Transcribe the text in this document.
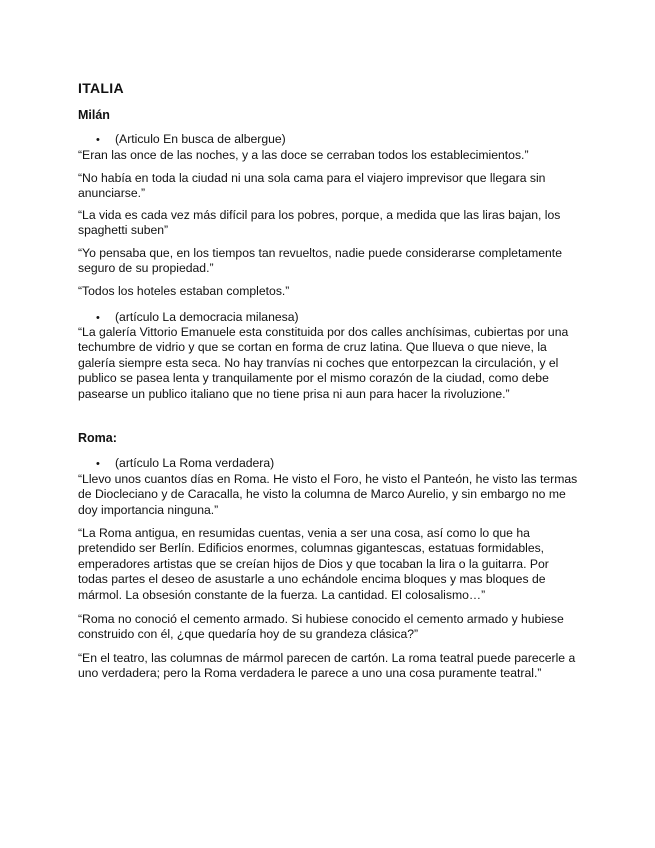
ITALIA
Milán

• (Articulo En busca de albergue)

“Eran las once de las noches, y a las doce se cerraban todos los establecimientos.”

“No había en toda la ciudad ni una sola cama para el viajero imprevisor que llegara sin anunciarse.”

“La vida es cada vez más difícil para los pobres, porque, a medida que las liras bajan, los spaghetti suben”

“Yo pensaba que, en los tiempos tan revueltos, nadie puede considerarse completamente seguro de su propiedad.”

“Todos los hoteles estaban completos.”

• (artículo La democracia milanesa)

“La galería Vittorio Emanuele esta constituida por dos calles anchísimas, cubiertas por una techumbre de vidrio y que se cortan en forma de cruz latina. Que llueva o que nieve, la galería siempre esta seca. No hay tranvías ni coches que entorpezcan la circulación, y el publico se pasea lenta y tranquilamente por el mismo corazón de la ciudad, como debe pasearse un publico italiano que no tiene prisa ni aun para hacer la rivoluzione.”

Roma:

• (artículo La Roma verdadera)

“Llevo unos cuantos días en Roma. He visto el Foro, he visto el Panteón, he visto las termas de Diocleciano y de Caracalla, he visto la columna de Marco Aurelio, y sin embargo no me doy importancia ninguna.”

“La Roma antigua, en resumidas cuentas, venia a ser una cosa, así como lo que ha pretendido ser Berlín. Edificios enormes, columnas gigantescas, estatuas formidables, emperadores artistas que se creían hijos de Dios y que tocaban la lira o la guitarra. Por todas partes el deseo de asustarle a uno echándole encima bloques y mas bloques de mármol. La obsesión constante de la fuerza. La cantidad. El colosalismo…”

“Roma no conoció el cemento armado. Si hubiese conocido el cemento armado y hubiese construido con él, ¿que quedaría hoy de su grandeza clásica?”

“En el teatro, las columnas de mármol parecen de cartón. La roma teatral puede parecerle a uno verdadera; pero la Roma verdadera le parece a uno una cosa puramente teatral.”
